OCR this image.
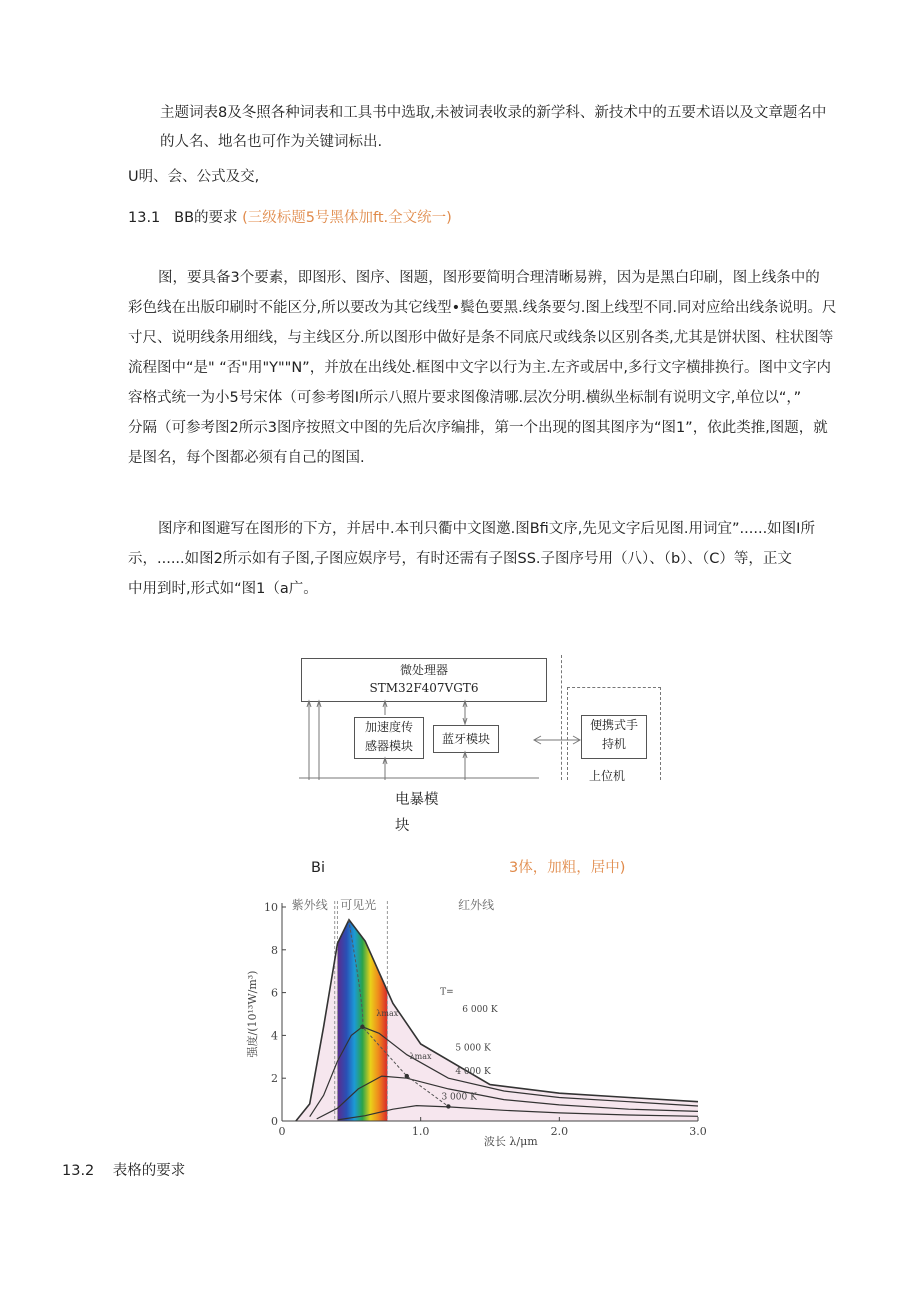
主题词表8及冬照各种词表和工具书中选取,未被词表收录的新学科、新技术中的五要术语以及文章题名中
的人名、地名也可作为关键词标出.
U明、会、公式及交,
13.1 BB的要求 (三级标题5号黑体加ft.全文统一)
图，要具备3个要素，即图形、图序、图题，图形要简明合理清晰易辨，因为是黑白印刷，图上线条中的
彩色线在出版印刷时不能区分,所以要改为其它线型•鬓色要黑.线条要匀.图上线型不同.同对应给出线条说明。尺
寸尺、说明线条用细线，与主线区分.所以图形中做好是条不同底尺或线条以区别各类,尤其是饼状图、柱状图等
流程图中“是" “否"用"Y""N”，并放在出线处.框图中文字以行为主.左齐或居中,多行文字横排换行。图中文字内
容格式统一为小5号宋体（可参考图I所示八照片要求图像清哪.层次分明.横纵坐标制有说明文字,单位以“，”
分隔（可参考图2所示3图序按照文中图的先后次序编排，第一个出现的图其图序为“图1”，依此类推,图题，就
是图名，每个图都必须有自己的图国.
图序和图避写在图形的下方，并居中.本刊只衢中文图邀.图Bfi文序,先见文字后见图.用词宜”......如图I所
示，......如图2所示如有子图,子图应娱序号，有时还需有子图SS.子图序号用（八）、（b）、（C）等，正文
中用到时,形式如“图1（a广。
微处理器
STM32F407VGT6
加速度传
感器模块	蓝牙模块
便携式手
持机
上位机
电暴模
块
Bi	3体，加粗，居中)
0
2
4
6
8
10
0	1.0	2.0	3.0
6 000 K
5 000 K
4 000 K
3 000 K
T=
λmax
λmax
紫外线 可见光	红外线
波长 λ/μm
强度/(10¹³W/m³)
13.2 表格的要求
